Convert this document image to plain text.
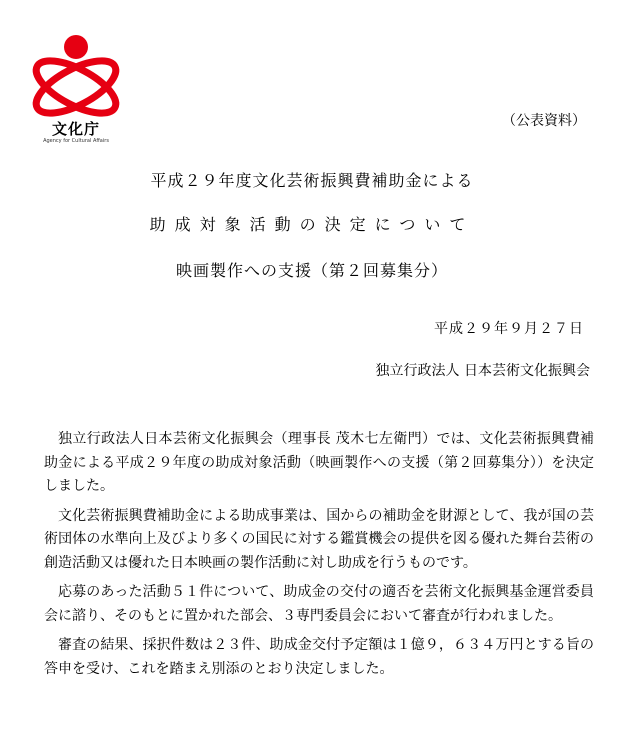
文化庁
Agency for Cultural Affairs
（公表資料）
平成２９年度文化芸術振興費補助金による
助成対象活動の決定について
映画製作への支援（第２回募集分）
平成２９年９月２７日
独立行政法人 日本芸術文化振興会

独立行政法人日本芸術文化振興会（理事長 茂木七左衛門）では、文化芸術振興費補助金による平成２９年度の助成対象活動（映画製作への支援（第２回募集分））を決定しました。

文化芸術振興費補助金による助成事業は、国からの補助金を財源として、我が国の芸術団体の水準向上及びより多くの国民に対する鑑賞機会の提供を図る優れた舞台芸術の創造活動又は優れた日本映画の製作活動に対し助成を行うものです。

応募のあった活動５１件について、助成金の交付の適否を芸術文化振興基金運営委員会に諮り、そのもとに置かれた部会、３専門委員会において審査が行われました。

審査の結果、採択件数は２３件、助成金交付予定額は１億９，６３４万円とする旨の答申を受け、これを踏まえ別添のとおり決定しました。
